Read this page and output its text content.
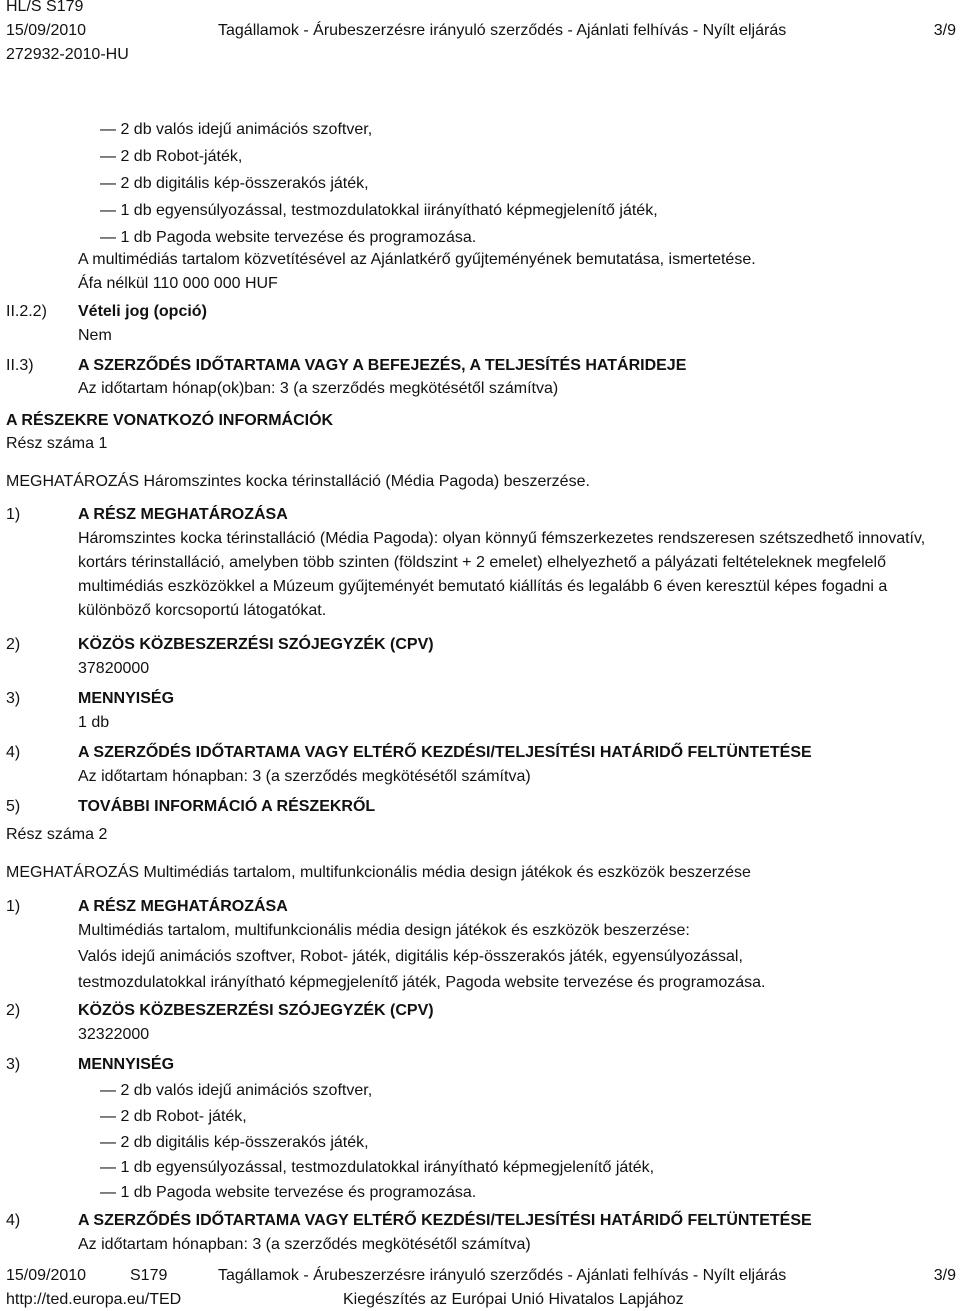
HL/S S179
15/09/2010	Tagállamok - Árubeszerzésre irányuló szerződés - Ajánlati felhívás - Nyílt eljárás	3/9
272932-2010-HU
— 2 db valós idejű animációs szoftver,
— 2 db Robot-játék,
— 2 db digitális kép-összerakós játék,
— 1 db egyensúlyozással, testmozdulatokkal iirányítható képmegjelenítő játék,
— 1 db Pagoda website tervezése és programozása.
A multimédiás tartalom közvetítésével az Ajánlatkérő gyűjteményének bemutatása, ismertetése.
Áfa nélkül 110 000 000 HUF
II.2.2) Vételi jog (opció)
Nem
II.3)	A SZERZŐDÉS IDŐTARTAMA VAGY A BEFEJEZÉS, A TELJESÍTÉS HATÁRIDEJE
Az időtartam hónap(ok)ban: 3 (a szerződés megkötésétől számítva)
A RÉSZEKRE VONATKOZÓ INFORMÁCIÓK
Rész száma 1
MEGHATÁROZÁS Háromszintes kocka térinstalláció (Média Pagoda) beszerzése.
1)	A RÉSZ MEGHATÁROZÁSA
Háromszintes kocka térinstalláció (Média Pagoda): olyan könnyű fémszerkezetes rendszeresen szétszedhető innovatív, kortárs térinstalláció, amelyben több szinten (földszint + 2 emelet) elhelyezhető a pályázati feltételeknek megfelelő multimédiás eszközökkel a Múzeum gyűjteményét bemutató kiállítás és legalább 6 éven keresztül képes fogadni a különböző korcsoportú látogatókat.
2)	KÖZÖS KÖZBESZERZÉSI SZÓJEGYZÉK (CPV)
37820000
3)	MENNYISÉG
1 db
4)	A SZERZŐDÉS IDŐTARTAMA VAGY ELTÉRŐ KEZDÉSI/TELJESÍTÉSI HATÁRIDŐ FELTÜNTETÉSE
Az időtartam hónapban: 3 (a szerződés megkötésétől számítva)
5)	TOVÁBBI INFORMÁCIÓ A RÉSZEKRŐL
Rész száma 2
MEGHATÁROZÁS Multimédiás tartalom, multifunkcionális média design játékok és eszközök beszerzése
1)	A RÉSZ MEGHATÁROZÁSA
Multimédiás tartalom, multifunkcionális média design játékok és eszközök beszerzése:
Valós idejű animációs szoftver, Robot- játék, digitális kép-összerakós játék, egyensúlyozással,
testmozdulatokkal irányítható képmegjelenítő játék, Pagoda website tervezése és programozása.
2)	KÖZÖS KÖZBESZERZÉSI SZÓJEGYZÉK (CPV)
32322000
3)	MENNYISÉG
— 2 db valós idejű animációs szoftver,
— 2 db Robot- játék,
— 2 db digitális kép-összerakós játék,
— 1 db egyensúlyozással, testmozdulatokkal irányítható képmegjelenítő játék,
— 1 db Pagoda website tervezése és programozása.
4)	A SZERZŐDÉS IDŐTARTAMA VAGY ELTÉRŐ KEZDÉSI/TELJESÍTÉSI HATÁRIDŐ FELTÜNTETÉSE
Az időtartam hónapban: 3 (a szerződés megkötésétől számítva)
15/09/2010	S179	Tagállamok - Árubeszerzésre irányuló szerződés - Ajánlati felhívás - Nyílt eljárás	3/9
http://ted.europa.eu/TED	Kiegészítés az Európai Unió Hivatalos Lapjához
